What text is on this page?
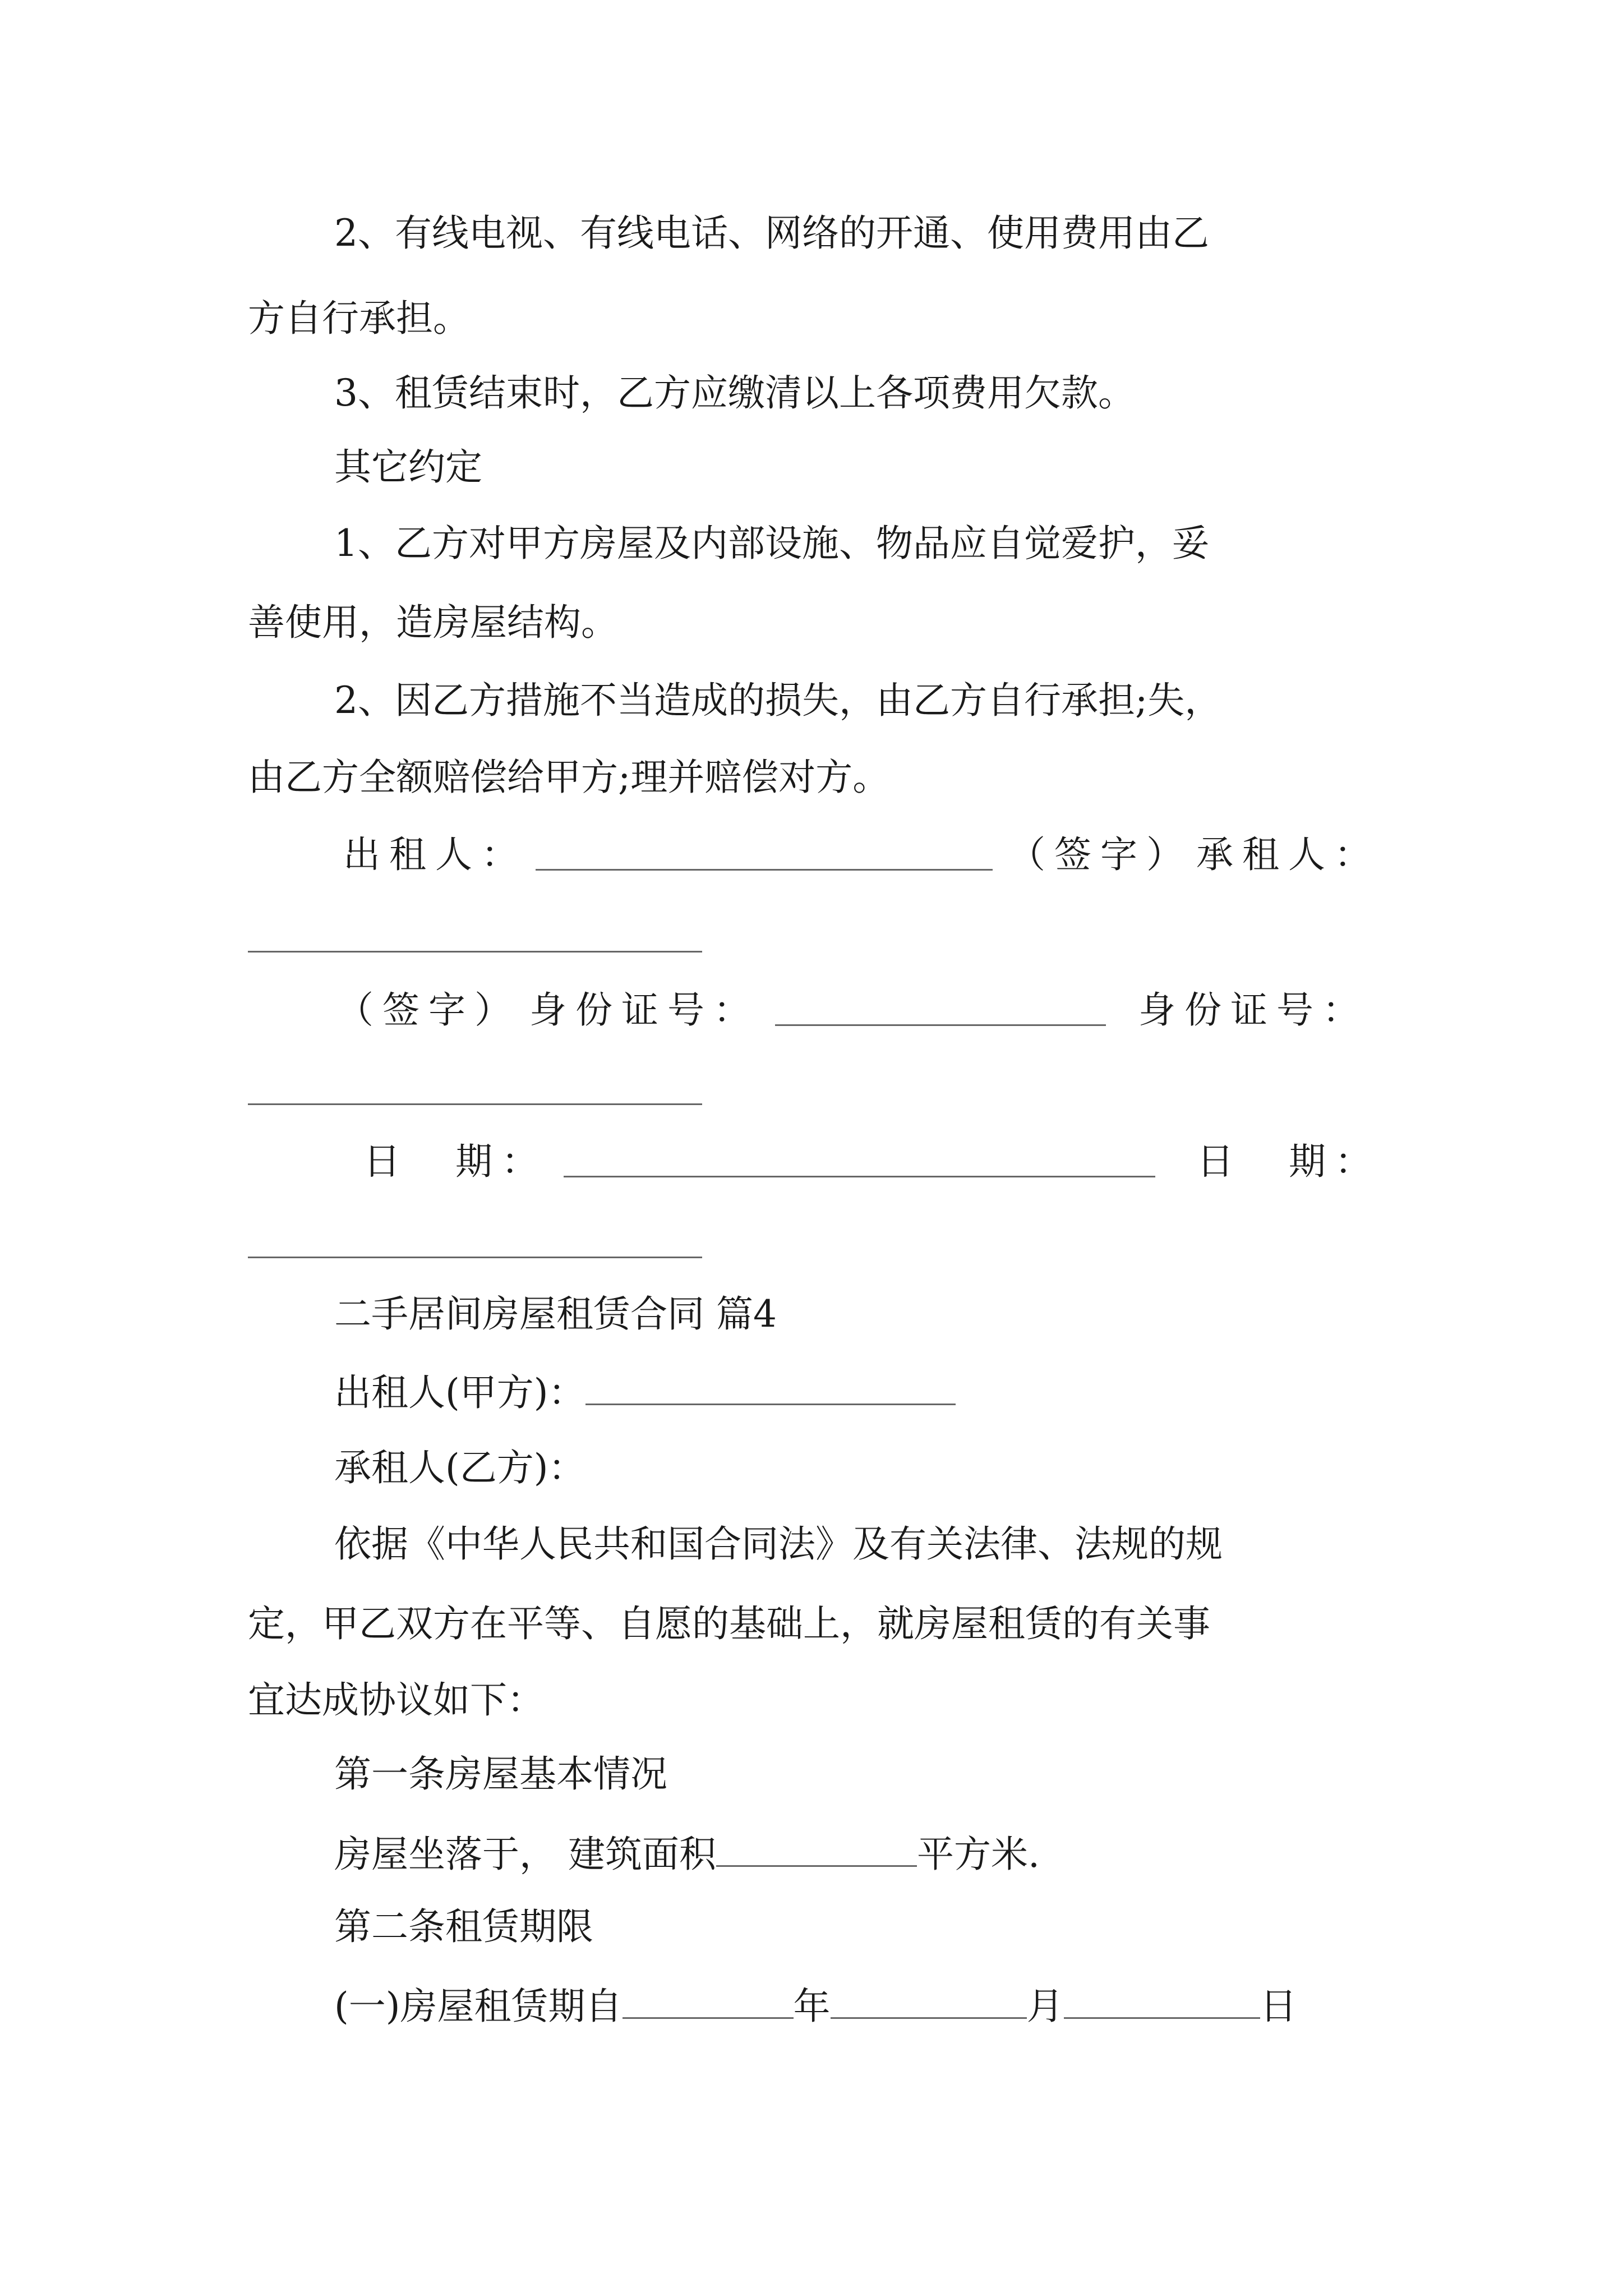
2、有线电视、有线电话、网络的开通、使用费用由乙
方自行承担。
3、租赁结束时，乙方应缴清以上各项费用欠款。
其它约定
1、乙方对甲方房屋及内部设施、物品应自觉爱护，妥
善使用，造房屋结构。
2、因乙方措施不当造成的损失，由乙方自行承担;失，
由乙方全额赔偿给甲方;理并赔偿对方。
出租人：	（签字） 承租人：
（签字） 身份证号：	身份证号：
日　期：	日　期：
二手居间房屋租赁合同 篇4
出租人(甲方)：
承租人(乙方)：
依据《中华人民共和国合同法》及有关法律、法规的规
定，甲乙双方在平等、自愿的基础上，就房屋租赁的有关事
宜达成协议如下：
第一条房屋基本情况
房屋坐落于， 建筑面积	平方米.
第二条租赁期限
(一)房屋租赁期自	年	月	日
